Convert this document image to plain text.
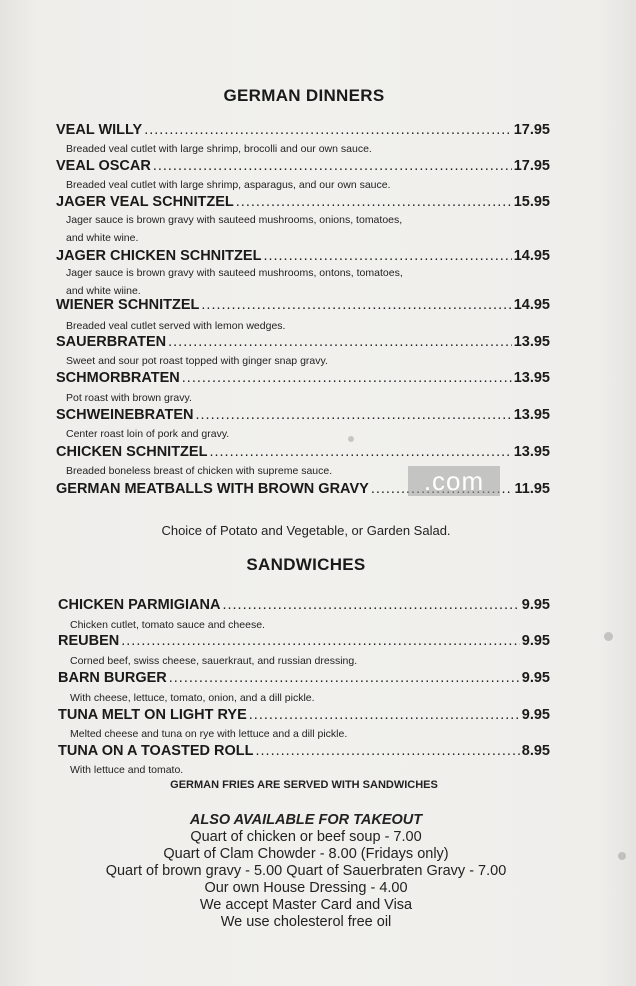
GERMAN DINNERS
VEAL WILLY .....	17.95
Breaded veal cutlet with large shrimp, brocolli and our own sauce.
VEAL OSCAR .....	17.95
Breaded veal cutlet with large shrimp, asparagus, and our own sauce.
JAGER VEAL SCHNITZEL .....	15.95
Jager sauce is brown gravy with sauteed mushrooms, onions, tomatoes,
and white wine.
JAGER CHICKEN SCHNITZEL .....	14.95
Jager sauce is brown gravy with sauteed mushrooms, ontons, tomatoes,
and white wiine.
WIENER SCHNITZEL .....	14.95
Breaded veal cutlet served with lemon wedges.
SAUERBRATEN .....	13.95
Sweet and sour pot roast topped with ginger snap gravy.
SCHMORBRATEN .....	13.95
Pot roast with brown gravy.
SCHWEINEBRATEN .....	13.95
Center roast loin of pork and gravy.
CHICKEN SCHNITZEL .....	13.95
Breaded boneless breast of chicken with supreme sauce.
GERMAN MEATBALLS WITH BROWN GRAVY .....	11.95
.com
Choice of Potato and Vegetable, or Garden Salad.
SANDWICHES
CHICKEN PARMIGIANA .....	9.95
Chicken cutlet, tomato sauce and cheese.
REUBEN .....	9.95
Corned beef, swiss cheese, sauerkraut, and russian dressing.
BARN BURGER .....	9.95
With cheese, lettuce, tomato, onion, and a dill pickle.
TUNA MELT ON LIGHT RYE .....	9.95
Melted cheese and tuna on rye with lettuce and a dill pickle.
TUNA ON A TOASTED ROLL .....	8.95
With lettuce and tomato.
GERMAN FRIES ARE SERVED WITH SANDWICHES
ALSO AVAILABLE FOR TAKEOUT
Quart of chicken or beef soup - 7.00
Quart of Clam Chowder - 8.00 (Fridays only)
Quart of brown gravy - 5.00 Quart of Sauerbraten Gravy - 7.00
Our own House Dressing - 4.00
We accept Master Card and Visa
We use cholesterol free oil
